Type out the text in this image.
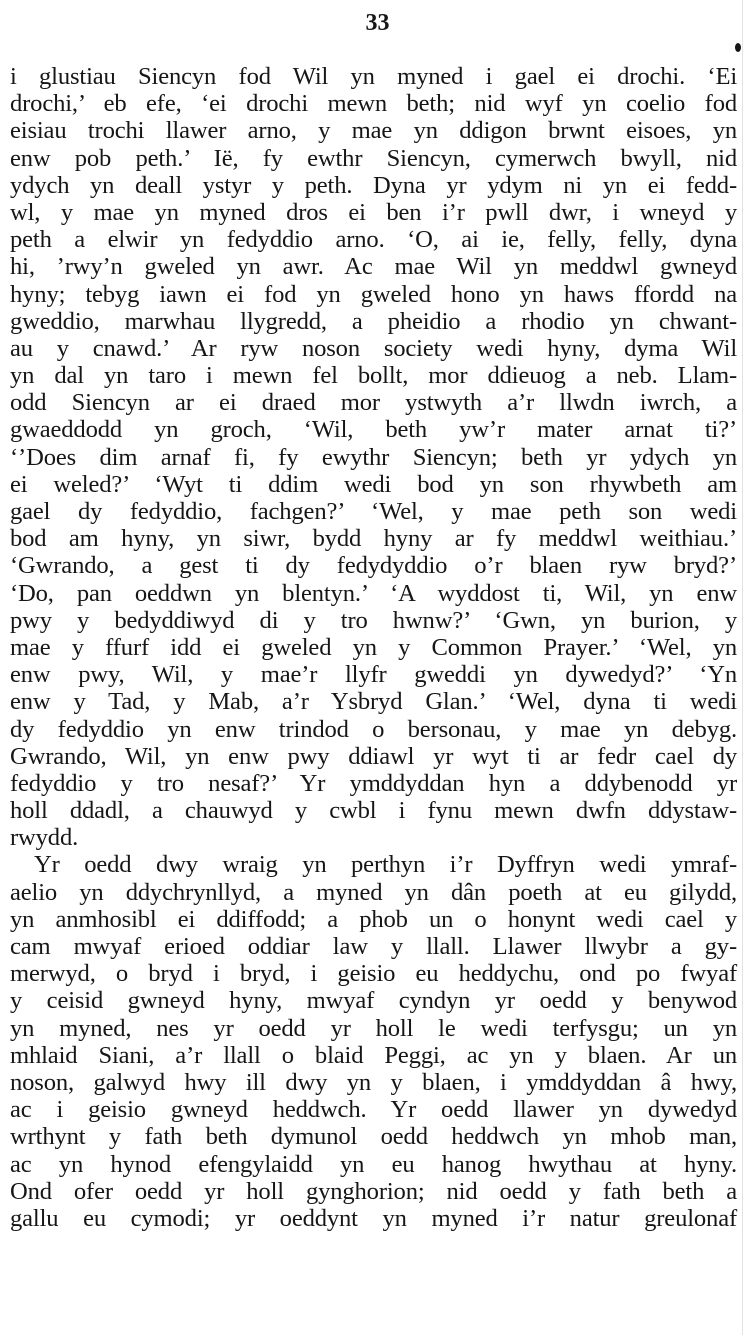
33
i glustiau Siencyn fod Wil yn myned i gael ei drochi. ‘Ei
drochi,’ eb efe, ‘ei drochi mewn beth; nid wyf yn coelio fod
eisiau trochi llawer arno, y mae yn ddigon brwnt eisoes, yn
enw pob peth.’ Ië, fy ewthr Siencyn, cymerwch bwyll, nid
ydych yn deall ystyr y peth. Dyna yr ydym ni yn ei fedd-
wl, y mae yn myned dros ei ben i’r pwll dwr, i wneyd y
peth a elwir yn fedyddio arno. ‘O, ai ie, felly, felly, dyna
hi, ’rwy’n gweled yn awr. Ac mae Wil yn meddwl gwneyd
hyny; tebyg iawn ei fod yn gweled hono yn haws ffordd na
gweddio, marwhau llygredd, a pheidio a rhodio yn chwant-
au y cnawd.’ Ar ryw noson society wedi hyny, dyma Wil
yn dal yn taro i mewn fel bollt, mor ddieuog a neb. Llam-
odd Siencyn ar ei draed mor ystwyth a’r llwdn iwrch, a
gwaeddodd yn groch, ‘Wil, beth yw’r mater arnat ti?’
‘’Does dim arnaf fi, fy ewythr Siencyn; beth yr ydych yn
ei weled?’ ‘Wyt ti ddim wedi bod yn son rhywbeth am
gael dy fedyddio, fachgen?’ ‘Wel, y mae peth son wedi
bod am hyny, yn siwr, bydd hyny ar fy meddwl weithiau.’
‘Gwrando, a gest ti dy fedydyddio o’r blaen ryw bryd?’
‘Do, pan oeddwn yn blentyn.’ ‘A wyddost ti, Wil, yn enw
pwy y bedyddiwyd di y tro hwnw?’ ‘Gwn, yn burion, y
mae y ffurf idd ei gweled yn y Common Prayer.’ ‘Wel, yn
enw pwy, Wil, y mae’r llyfr gweddi yn dywedyd?’ ‘Yn
enw y Tad, y Mab, a’r Ysbryd Glan.’ ‘Wel, dyna ti wedi
dy fedyddio yn enw trindod o bersonau, y mae yn debyg.
Gwrando, Wil, yn enw pwy ddiawl yr wyt ti ar fedr cael dy
fedyddio y tro nesaf?’ Yr ymddyddan hyn a ddybenodd yr
holl ddadl, a chauwyd y cwbl i fynu mewn dwfn ddystaw-
rwydd.
Yr oedd dwy wraig yn perthyn i’r Dyffryn wedi ymraf-
aelio yn ddychrynllyd, a myned yn dân poeth at eu gilydd,
yn anmhosibl ei ddiffodd; a phob un o honynt wedi cael y
cam mwyaf erioed oddiar law y llall. Llawer llwybr a gy-
merwyd, o bryd i bryd, i geisio eu heddychu, ond po fwyaf
y ceisid gwneyd hyny, mwyaf cyndyn yr oedd y benywod
yn myned, nes yr oedd yr holl le wedi terfysgu; un yn
mhlaid Siani, a’r llall o blaid Peggi, ac yn y blaen. Ar un
noson, galwyd hwy ill dwy yn y blaen, i ymddyddan â hwy,
ac i geisio gwneyd heddwch. Yr oedd llawer yn dywedyd
wrthynt y fath beth dymunol oedd heddwch yn mhob man,
ac yn hynod efengylaidd yn eu hanog hwythau at hyny.
Ond ofer oedd yr holl gynghorion; nid oedd y fath beth a
gallu eu cymodi; yr oeddynt yn myned i’r natur greulonaf
